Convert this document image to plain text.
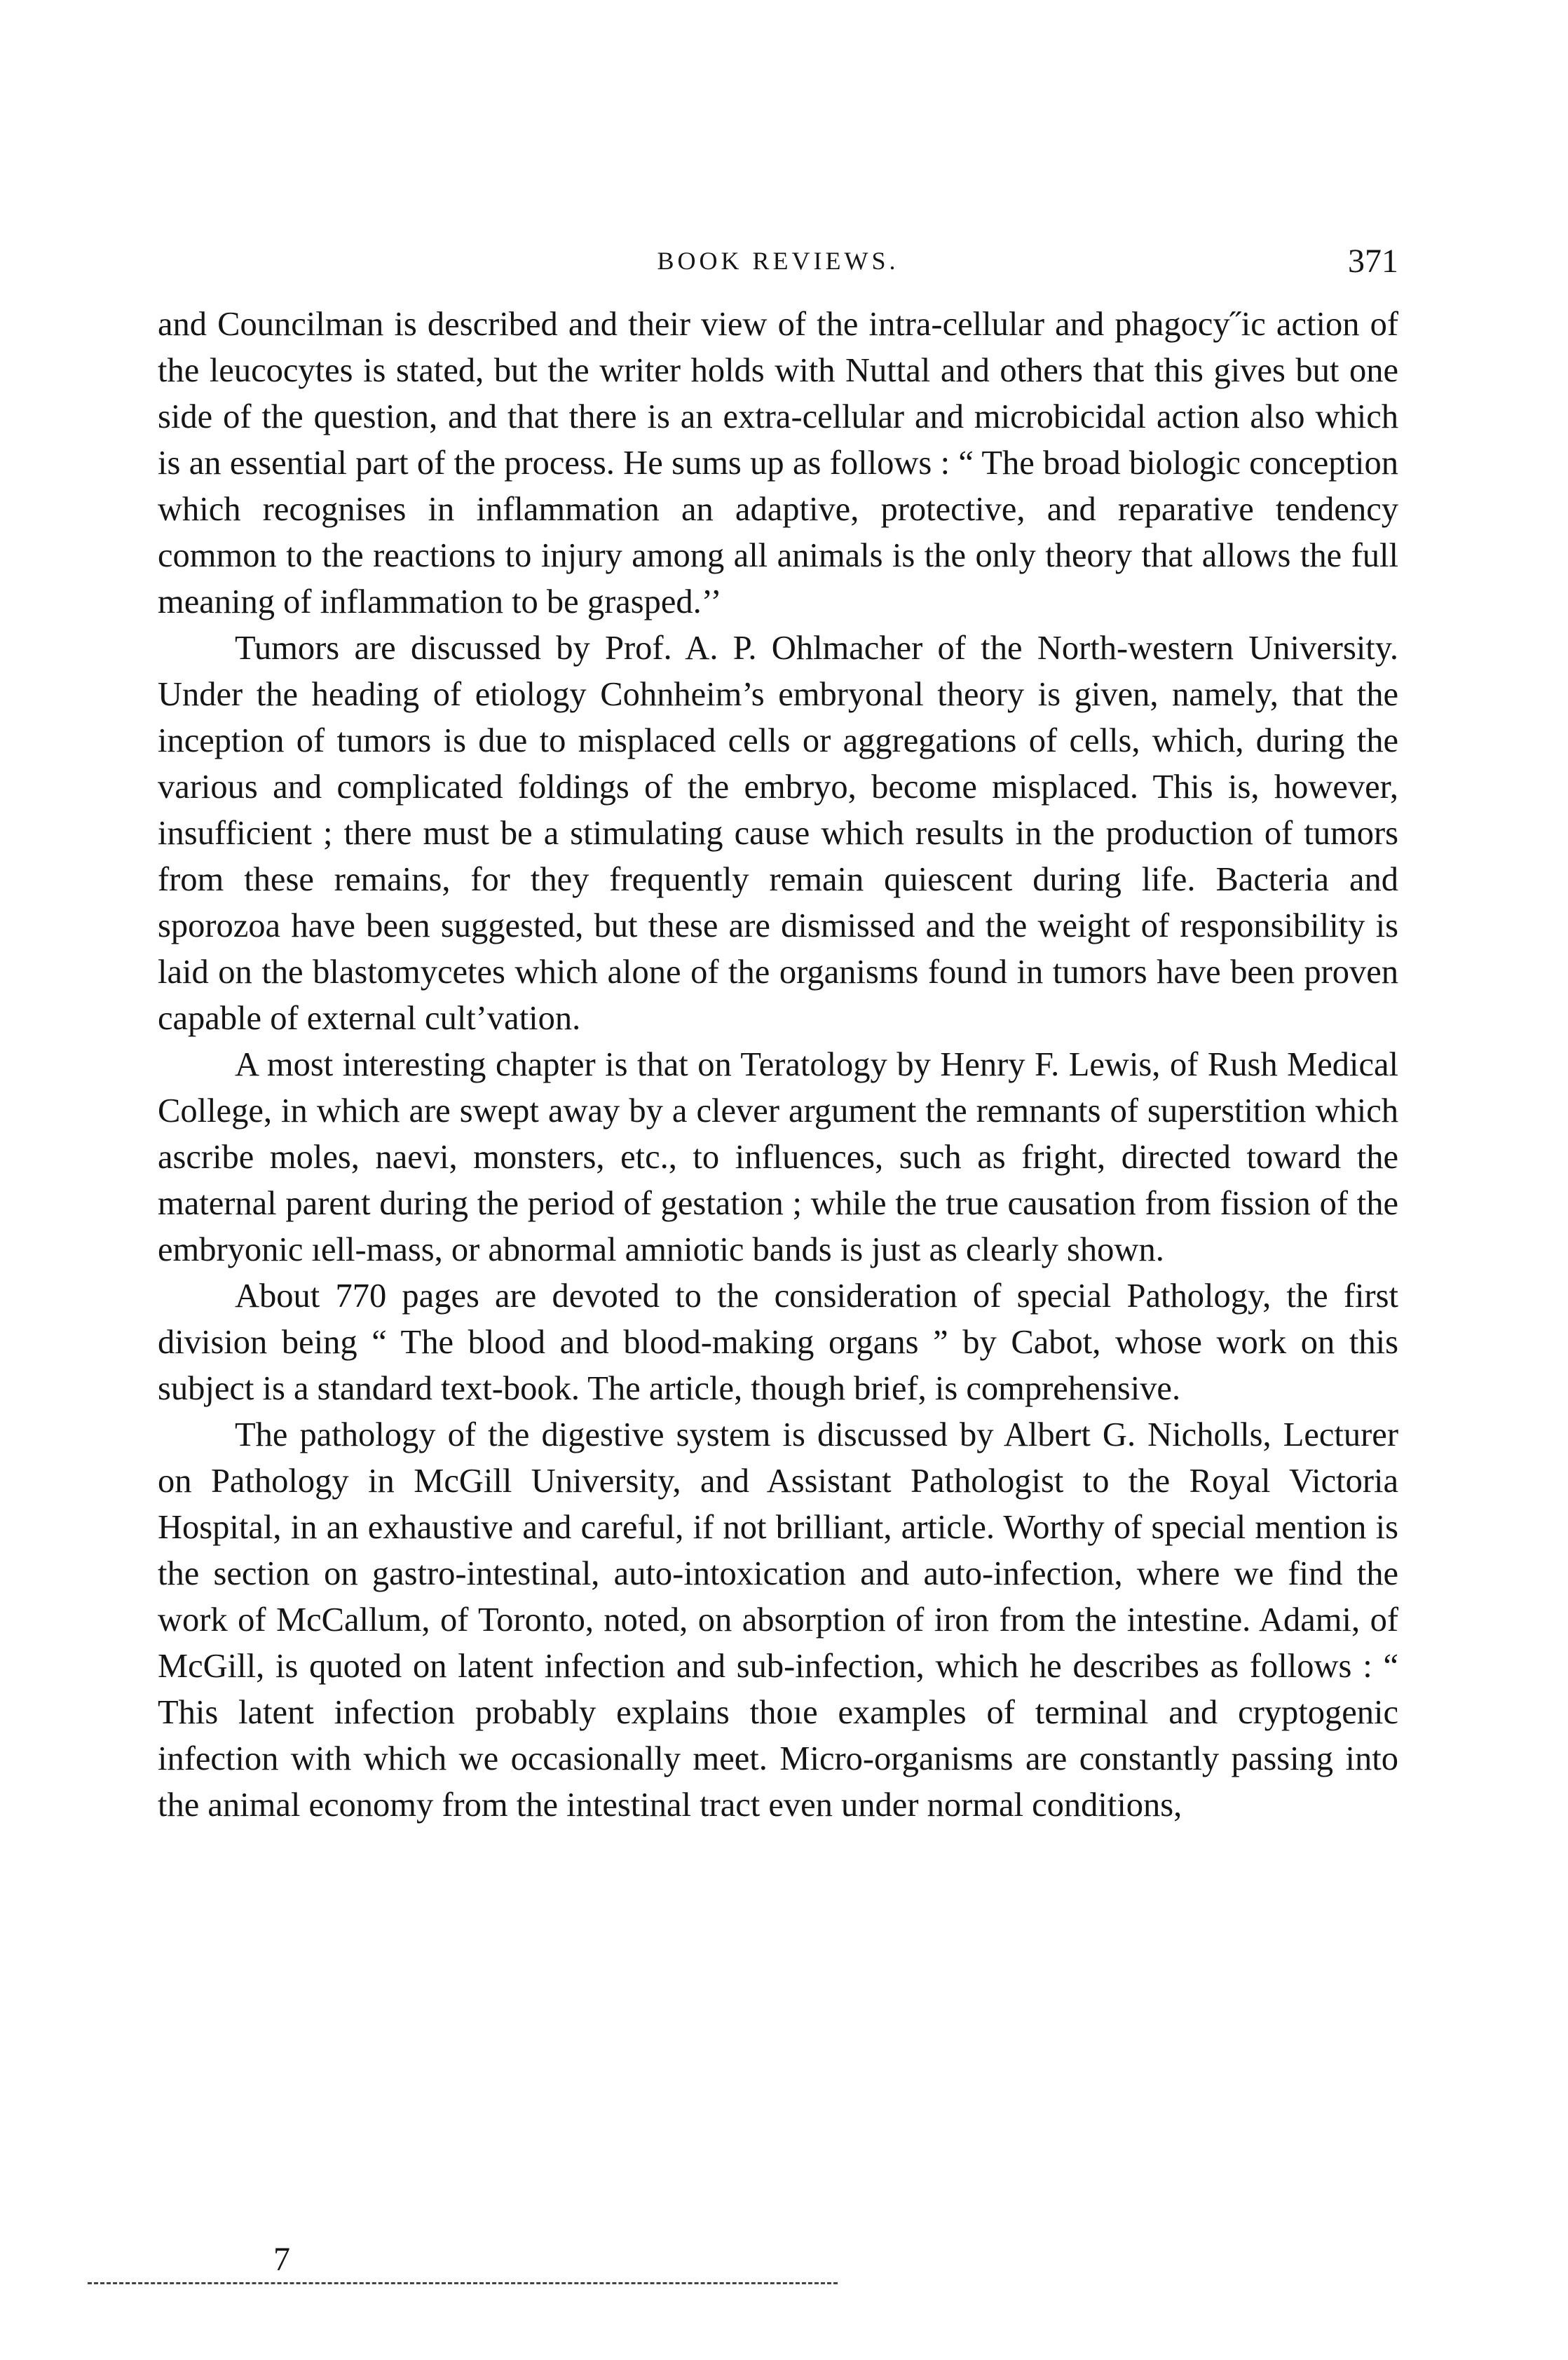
BOOK REVIEWS.	371

and Councilman is described and their view of the intra-cellular and phagocy˝ic action of the leucocytes is stated, but the writer holds with Nuttal and others that this gives but one side of the question, and that there is an extra-cellular and microbicidal action also which is an essential part of the process. He sums up as follows : “ The broad biologic conception which recognises in inflammation an adaptive, protective, and reparative tendency common to the reactions to injury among all animals is the only theory that allows the full meaning of inflammation to be grasped.’’

Tumors are discussed by Prof. A. P. Ohlmacher of the North-western University. Under the heading of etiology Cohnheim’s embryonal theory is given, namely, that the inception of tumors is due to misplaced cells or aggregations of cells, which, during the various and complicated foldings of the embryo, become misplaced. This is, however, insufficient ; there must be a stimulating cause which results in the production of tumors from these remains, for they frequently remain quiescent during life. Bacteria and sporozoa have been suggested, but these are dismissed and the weight of responsibility is laid on the blastomycetes which alone of the organisms found in tumors have been proven capable of external cult’vation.

A most interesting chapter is that on Teratology by Henry F. Lewis, of Rush Medical College, in which are swept away by a clever argument the remnants of superstition which ascribe moles, naevi, monsters, etc., to influences, such as fright, directed toward the maternal parent during the period of gestation ; while the true causation from fission of the embryonic ıell-mass, or abnormal amniotic bands is just as clearly shown.

About 770 pages are devoted to the consideration of special Pathology, the first division being “ The blood and blood-making organs ” by Cabot, whose work on this subject is a standard text-book. The article, though brief, is comprehensive.

The pathology of the digestive system is discussed by Albert G. Nicholls, Lecturer on Pathology in McGill University, and Assistant Pathologist to the Royal Victoria Hospital, in an exhaustive and careful, if not brilliant, article. Worthy of special mention is the section on gastro-intestinal, auto-intoxication and auto-infection, where we find the work of McCallum, of Toronto, noted, on absorption of iron from the intestine. Adami, of McGill, is quoted on latent infection and sub-infection, which he describes as follows : “ This latent infection probably explains thoıe examples of terminal and cryptogenic infection with which we occasionally meet. Micro-organisms are constantly passing into the animal economy from the intestinal tract even under normal conditions,

7
